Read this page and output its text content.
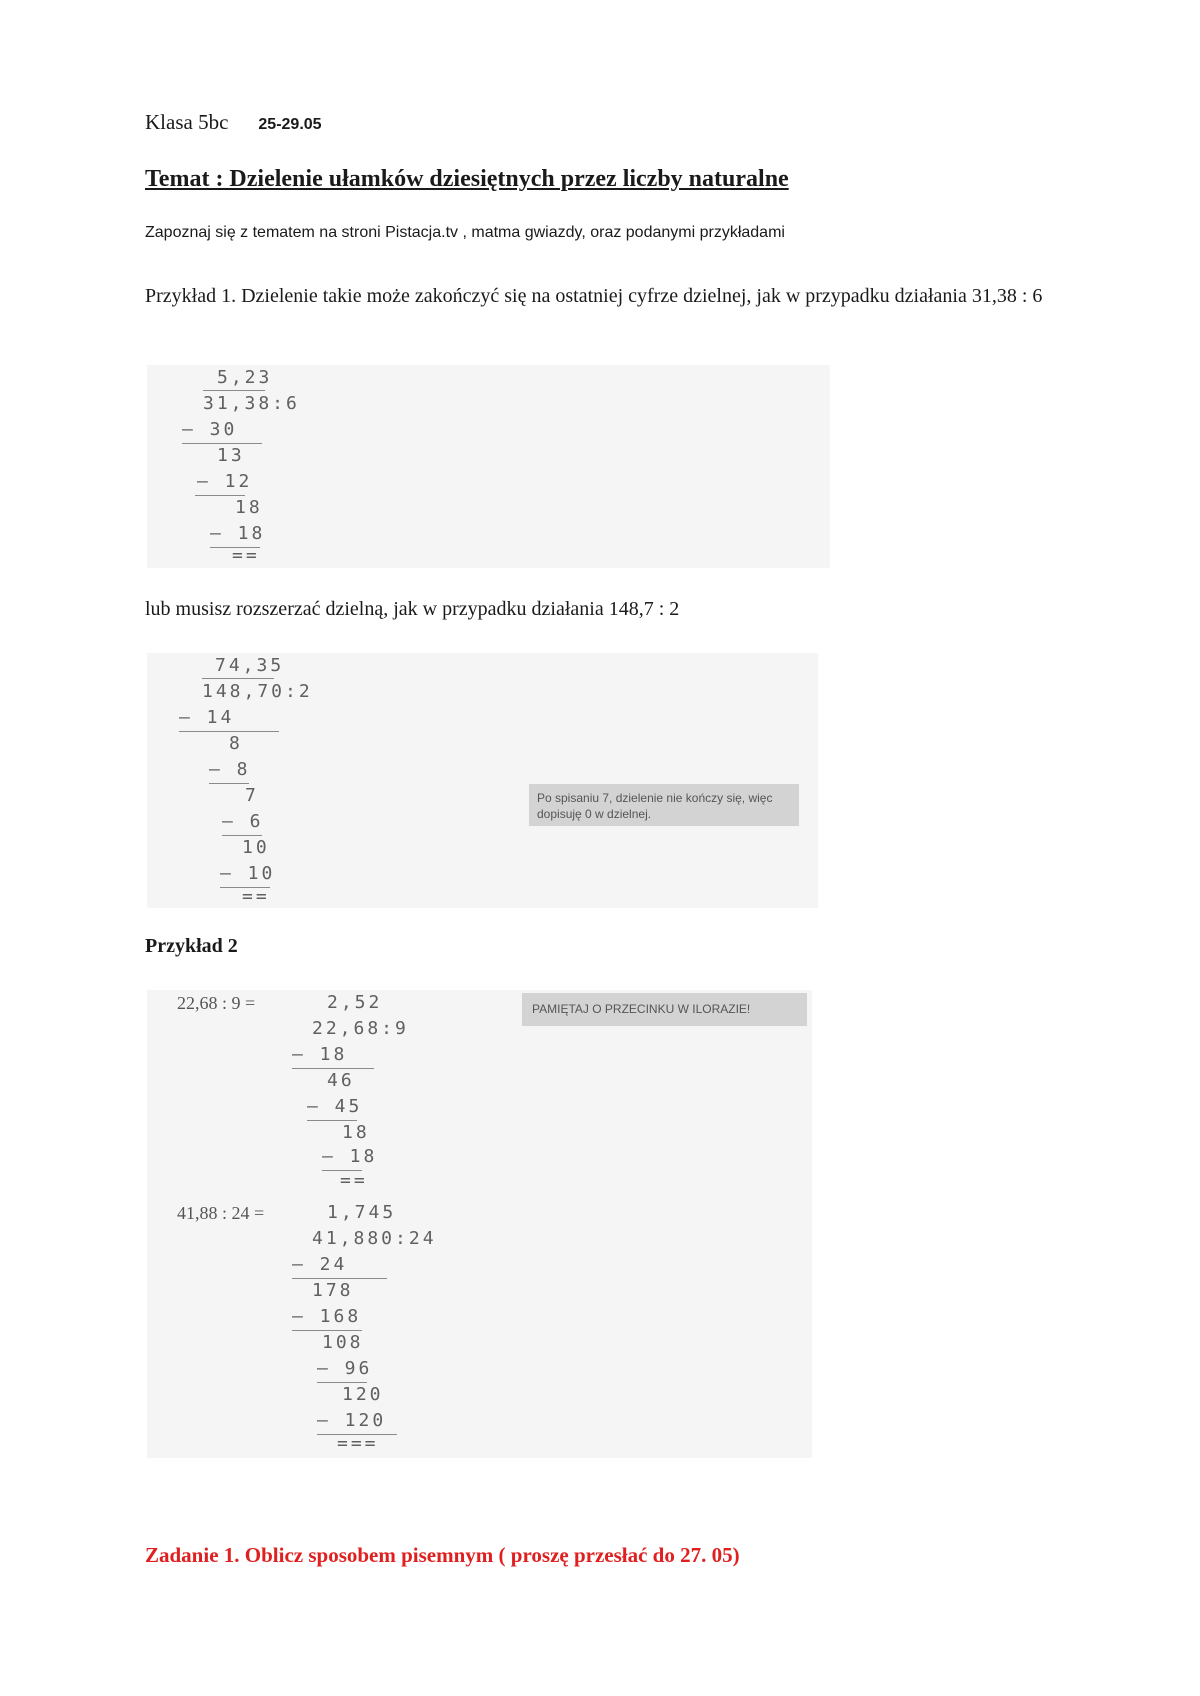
Klasa 5bc 25-29.05
Temat : Dzielenie ułamków dziesiętnych przez liczby naturalne
Zapoznaj się z tematem na stroni Pistacja.tv , matma gwiazdy, oraz podanymi przykładami
Przykład 1. Dzielenie takie może zakończyć się na ostatniej cyfrze dzielnej, jak w przypadku działania 31,38 : 6
5,23
31,38:6
– 30
13
– 12
18
– 18
==
lub musisz rozszerzać dzielną, jak w przypadku działania 148,7 : 2
74,35
148,70:2
– 14
8
– 8
7
– 6
10
– 10
==
Po spisaniu 7, dzielenie nie kończy się, więc dopisuję 0 w dzielnej.
Przykład 2
PAMIĘTAJ O PRZECINKU W ILORAZIE!
22,68 : 9 =	2,52
22,68:9
– 18
46
– 45
18
– 18
==
41,88 : 24 =	1,745
41,880:24
– 24
178
– 168
108
– 96
120
– 120
===
Zadanie 1. Oblicz sposobem pisemnym ( proszę przesłać do 27. 05)
